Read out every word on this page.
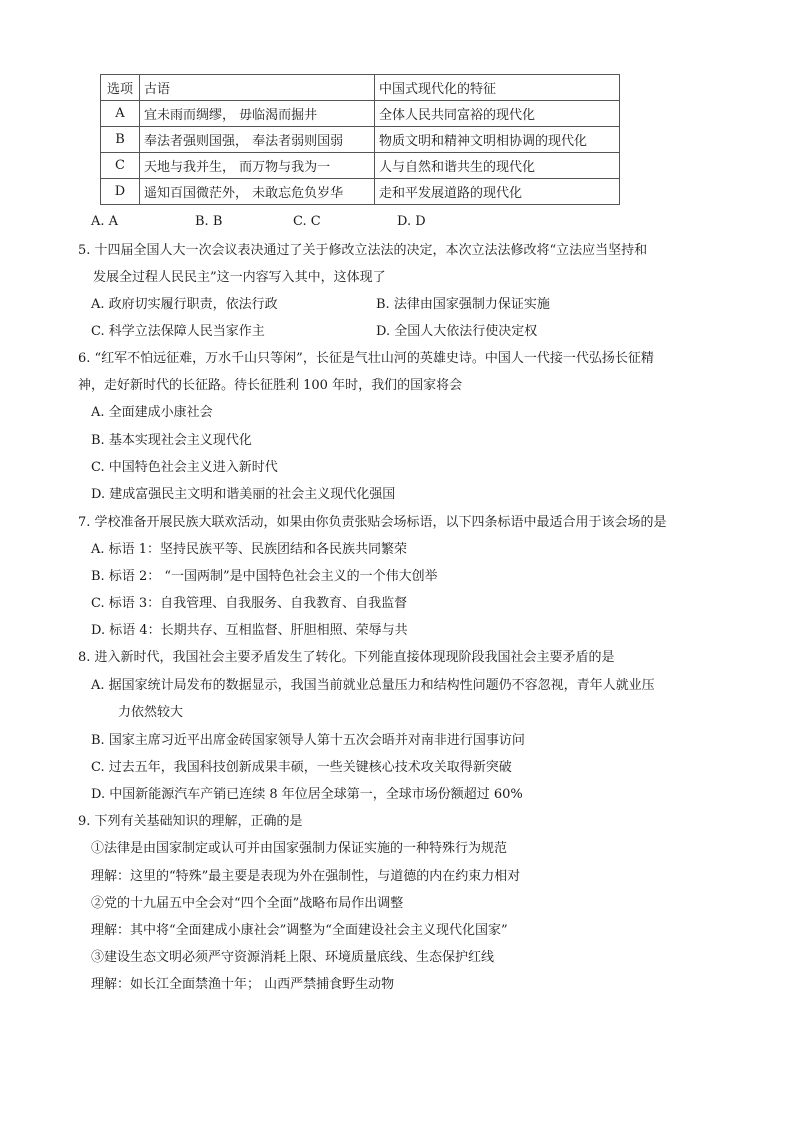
选项	古语	中国式现代化的特征
A	宜未雨而绸缪， 毋临渴而掘井	全体人民共同富裕的现代化
B	奉法者强则国强， 奉法者弱则国弱	物质文明和精神文明相协调的现代化
C	天地与我并生， 而万物与我为一	人与自然和谐共生的现代化
D	遥知百国微茫外， 未敢忘危负岁华	走和平发展道路的现代化
A. A	B. B	C. C	D. D
5. 十四届全国人大一次会议表决通过了关于修改立法法的决定，本次立法法修改将“立法应当坚持和
发展全过程人民民主”这一内容写入其中，这体现了
A. 政府切实履行职责，依法行政	B. 法律由国家强制力保证实施
C. 科学立法保障人民当家作主	D. 全国人大依法行使决定权
6. “红军不怕远征难，万水千山只等闲”，长征是气壮山河的英雄史诗。中国人一代接一代弘扬长征精
神，走好新时代的长征路。待长征胜利 100 年时，我们的国家将会
A. 全面建成小康社会
B. 基本实现社会主义现代化
C. 中国特色社会主义进入新时代
D. 建成富强民主文明和谐美丽的社会主义现代化强国
7. 学校准备开展民族大联欢活动，如果由你负责张贴会场标语，以下四条标语中最适合用于该会场的是
A. 标语 1：坚持民族平等、民族团结和各民族共同繁荣
B. 标语 2： “一国两制”是中国特色社会主义的一个伟大创举
C. 标语 3：自我管理、自我服务、自我教育、自我监督
D. 标语 4：长期共存、互相监督、肝胆相照、荣辱与共
8. 进入新时代，我国社会主要矛盾发生了转化。下列能直接体现现阶段我国社会主要矛盾的是
A. 据国家统计局发布的数据显示，我国当前就业总量压力和结构性问题仍不容忽视，青年人就业压
力依然较大
B. 国家主席习近平出席金砖国家领导人第十五次会晤并对南非进行国事访问
C. 过去五年，我国科技创新成果丰硕，一些关键核心技术攻关取得新突破
D. 中国新能源汽车产销已连续 8 年位居全球第一，全球市场份额超过 60%
9. 下列有关基础知识的理解，正确的是
①法律是由国家制定或认可并由国家强制力保证实施的一种特殊行为规范
理解：这里的“特殊”最主要是表现为外在强制性，与道德的内在约束力相对
②党的十九届五中全会对“四个全面”战略布局作出调整
理解：其中将“全面建成小康社会”调整为“全面建设社会主义现代化国家”
③建设生态文明必须严守资源消耗上限、环境质量底线、生态保护红线
理解：如长江全面禁渔十年； 山西严禁捕食野生动物
